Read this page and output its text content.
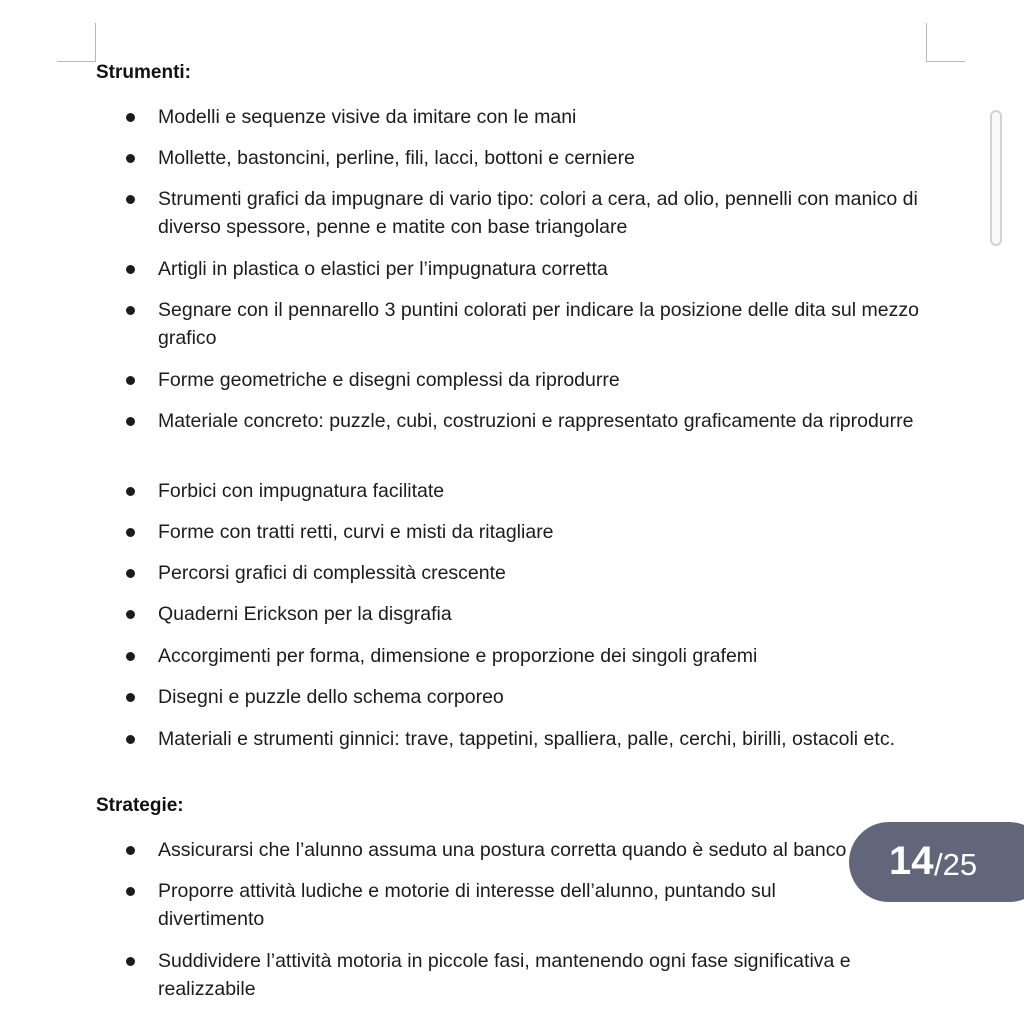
Strumenti:
Modelli e sequenze visive da imitare con le mani
Mollette, bastoncini, perline, fili, lacci, bottoni e cerniere
Strumenti grafici da impugnare di vario tipo: colori a cera, ad olio, pennelli con manico di diverso spessore, penne e matite con base triangolare
Artigli in plastica o elastici per l’impugnatura corretta
Segnare con il pennarello 3 puntini colorati per indicare la posizione delle dita sul mezzo grafico
Forme geometriche e disegni complessi da riprodurre
Materiale concreto: puzzle, cubi, costruzioni e rappresentato graficamente da riprodurre
Forbici con impugnatura facilitate
Forme con tratti retti, curvi e misti da ritagliare
Percorsi grafici di complessità crescente
Quaderni Erickson per la disgrafia
Accorgimenti per forma, dimensione e proporzione dei singoli grafemi
Disegni e puzzle dello schema corporeo
Materiali e strumenti ginnici: trave, tappetini, spalliera, palle, cerchi, birilli, ostacoli etc.
Strategie:
Assicurarsi che l’alunno assuma una postura corretta quando è seduto al banco
Proporre attività ludiche e motorie di interesse dell’alunno, puntando sul divertimento
Suddividere l’attività motoria in piccole fasi, mantenendo ogni fase significativa e realizzabile
14 /25
